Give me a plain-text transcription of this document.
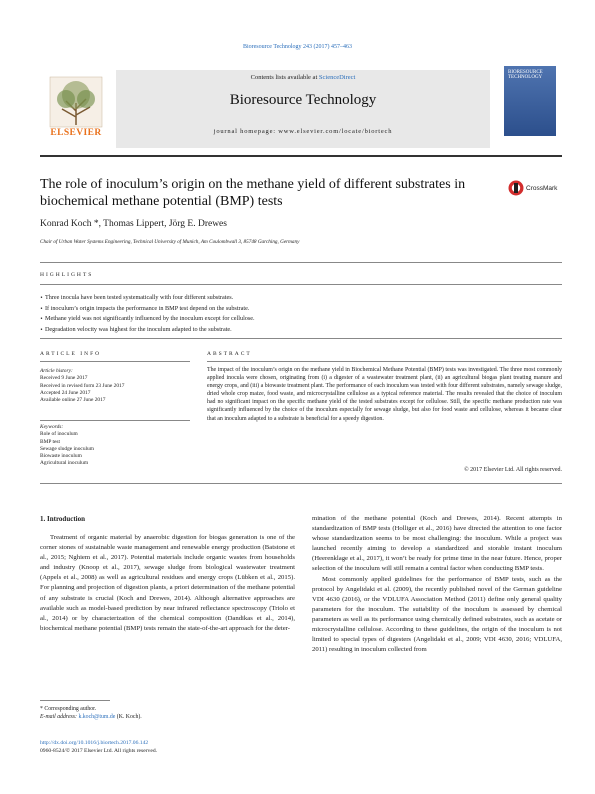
Bioresource Technology 243 (2017) 457–463
ELSEVIER
Contents lists available at ScienceDirect
Bioresource Technology
journal homepage: www.elsevier.com/locate/biortech
BIORESOURCE TECHNOLOGY
The role of inoculum’s origin on the methane yield of different substrates in biochemical methane potential (BMP) tests
CrossMark
Konrad Koch *, Thomas Lippert, Jörg E. Drewes
Chair of Urban Water Systems Engineering, Technical University of Munich, Am Coulombwall 3, 85748 Garching, Germany
HIGHLIGHTS
• Three inocula have been tested systematically with four different substrates.
• If inoculum’s origin impacts the performance in BMP test depend on the substrate.
• Methane yield was not significantly influenced by the inoculum except for cellulose.
• Degradation velocity was highest for the inoculum adapted to the substrate.
ARTICLE INFO	ABSTRACT
Article history:
Received 9 June 2017
Received in revised form 23 June 2017
Accepted 24 June 2017
Available online 27 June 2017
Keywords:
Role of inoculum
BMP test
Sewage sludge inoculum
Biowaste inoculum
Agricultural inoculum
The impact of the inoculum’s origin on the methane yield in Biochemical Methane Potential (BMP) tests was investigated. The three most commonly applied inocula were chosen, originating from (i) a digester of a wastewater treatment plant, (ii) an agricultural biogas plant treating manure and energy crops, and (iii) a biowaste treatment plant. The performance of each inoculum was tested with four different substrates, namely sewage sludge, dried whole crop maize, food waste, and microcrystalline cellulose as a typical reference material. The results revealed that the choice of inoculum had no significant impact on the specific methane yield of the tested substrates except for cellulose. Still, the specific methane production rate was significantly influenced by the choice of the inoculum especially for sewage sludge, but also for food waste and cellulose, whereas it became clear that an inoculum adapted to a substrate is beneficial for a speedy digestion.
© 2017 Elsevier Ltd. All rights reserved.
1. Introduction
Treatment of organic material by anaerobic digestion for biogas generation is one of the corner stones of sustainable waste management and renewable energy production (Batstone et al., 2015; Nghiem et al., 2017). Potential materials include organic wastes from households and industry (Knoop et al., 2017), sewage sludge from biological wastewater treatment (Appels et al., 2008) as well as agricultural residues and energy crops (Lübken et al., 2015). For planning and projection of digestion plants, a priori determination of the methane potential of any substrate is crucial (Koch and Drewes, 2014). Although alternative approaches are available such as model-based prediction by near infrared reflectance spectroscopy (Triolo et al., 2014) or by characterization of the chemical composition (Dandikas et al., 2014), biochemical methane potential (BMP) tests remain the state-of-the-art approach for the deter-

mination of the methane potential (Koch and Drewes, 2014). Recent attempts in standardization of BMP tests (Holliger et al., 2016) have directed the attention to one factor whose standardization seems to be most challenging: the inoculum. While a project was launched recently aiming to develop a standardized and storable instant inoculum (Heerenklage et al., 2017), it won’t be ready for prime time in the near future. Hence, proper selection of the inoculum will still remain a central factor when conducting BMP tests.

Most commonly applied guidelines for the performance of BMP tests, such as the protocol by Angelidaki et al. (2009), the recently published novel of the German guideline VDI 4630 (2016), or the VDLUFA Association Method (2011) define only general quality parameters for the inoculum. The suitability of the inoculum is assessed by chemical parameters as well as its performance using chemically defined substrates, such as acetate or microcrystalline cellulose. According to these guidelines, the origin of the inoculum is not limited to special types of digesters (Angelidaki et al., 2009; VDI 4630, 2016; VDLUFA, 2011) resulting in inoculum collected from

* Corresponding author.
E-mail address: k.koch@tum.de (K. Koch).
http://dx.doi.org/10.1016/j.biortech.2017.06.142
0960-8524/© 2017 Elsevier Ltd. All rights reserved.
